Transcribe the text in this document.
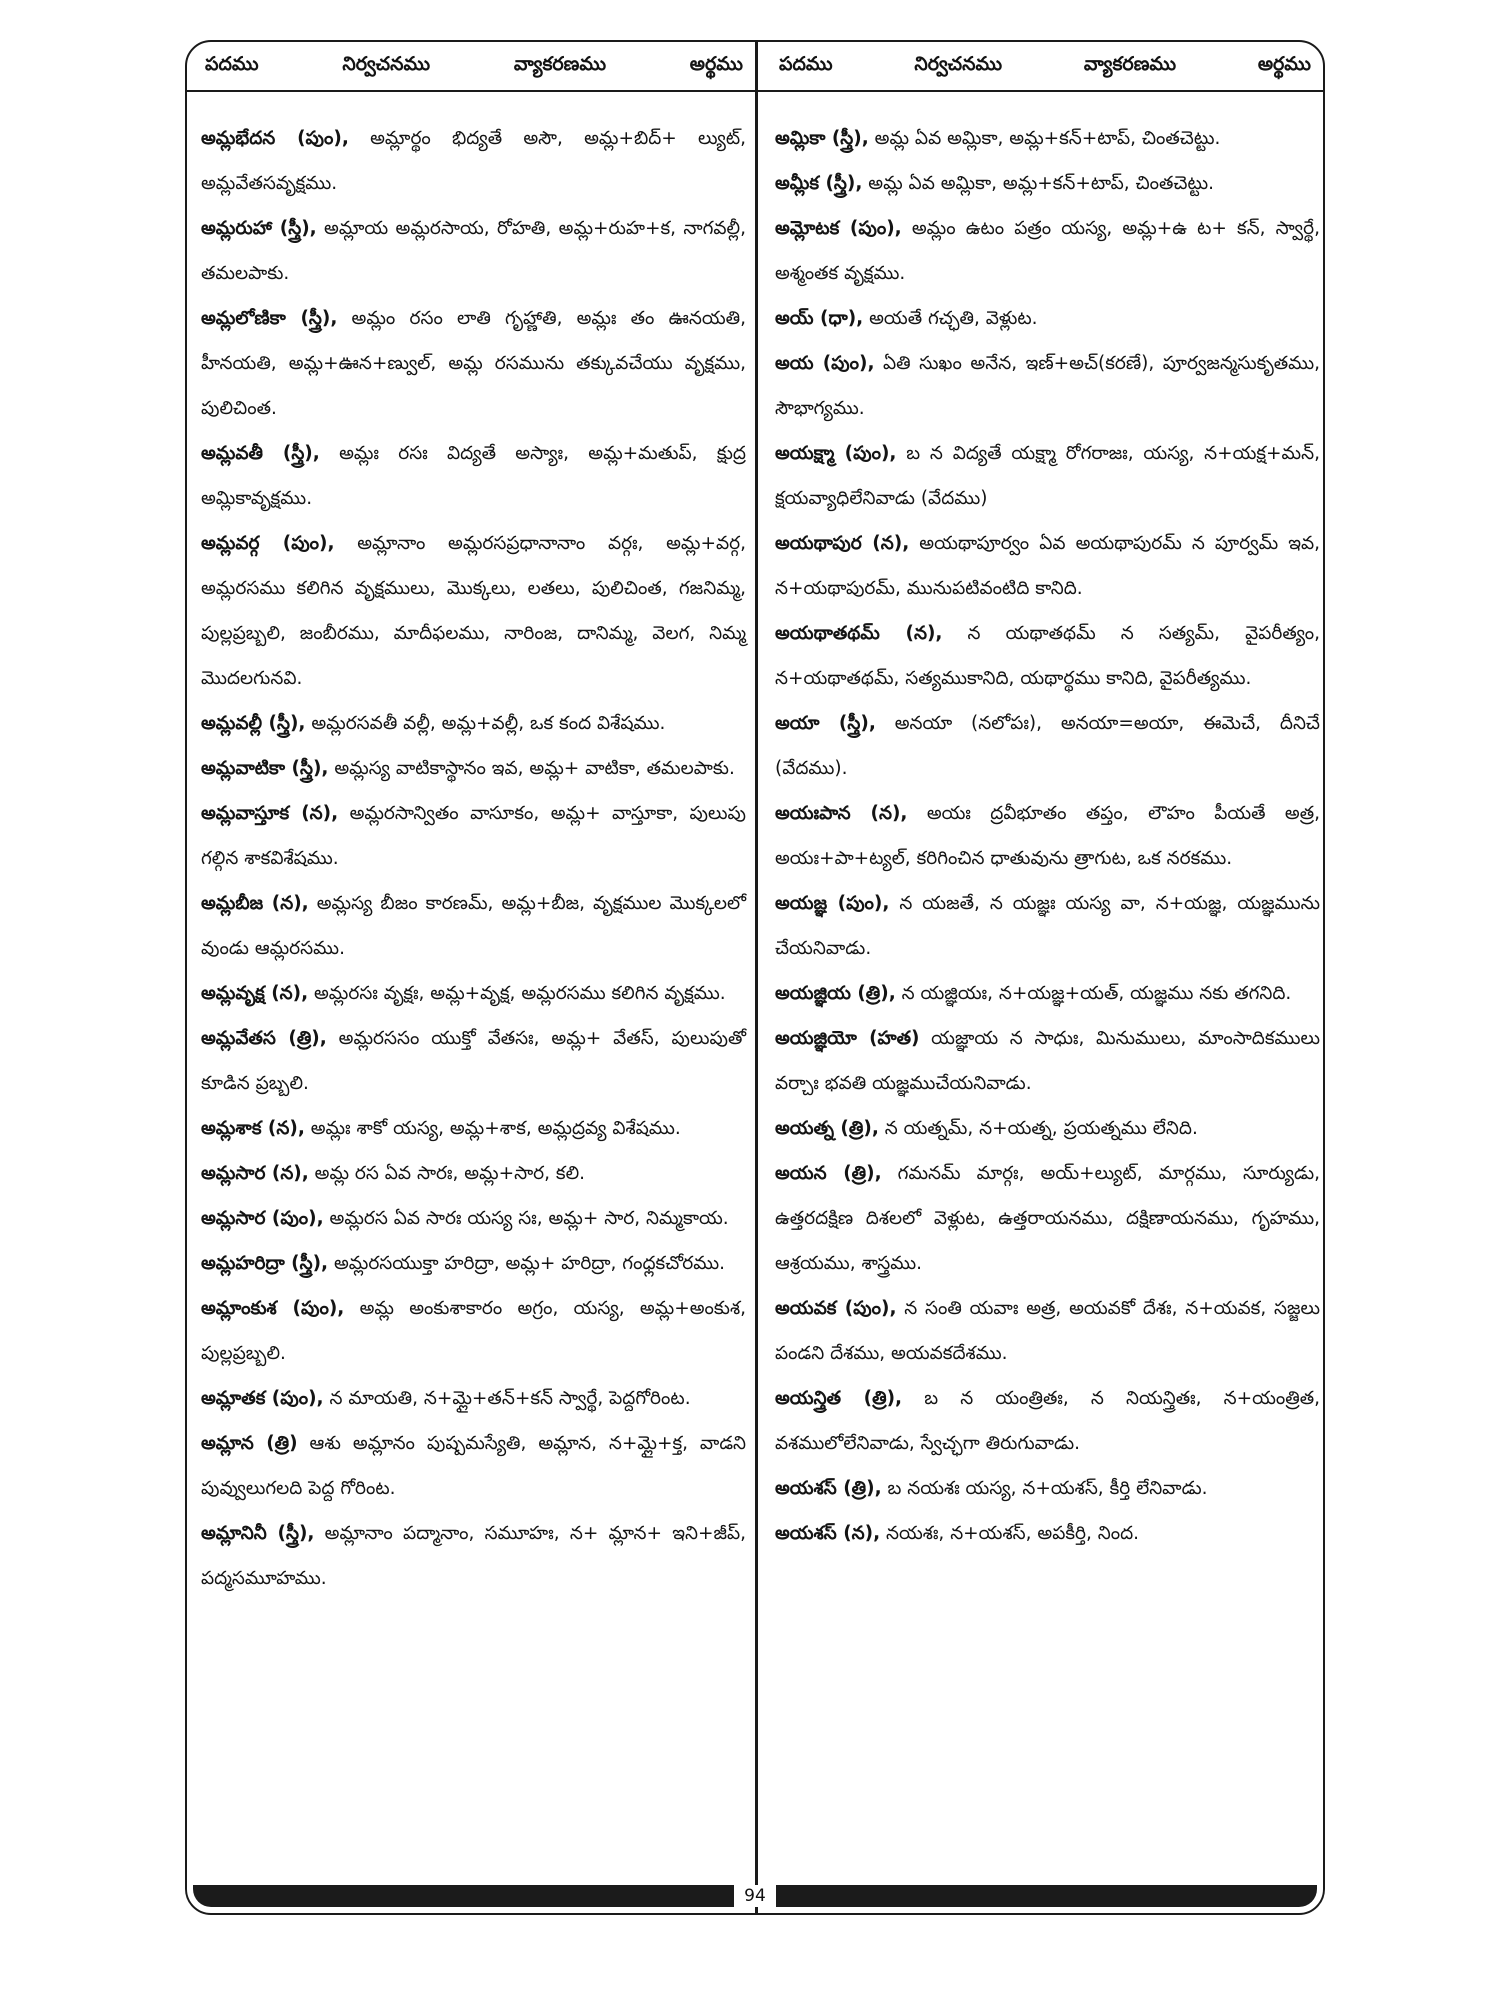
పదము	నిర్వచనము	వ్యాకరణము	అర్థము పదము	నిర్వచనము	వ్యాకరణము	అర్థము

అమ్లభేదన (పుం), అమ్లార్థం భిద్యతే అసౌ, అమ్ల+బిద్+ ల్యుట్, అమ్లవేతసవృక్షము.

అమ్లరుహా (స్త్రీ), అమ్లాయ అమ్లరసాయ, రోహతి, అమ్ల+రుహ+క, నాగవల్లీ, తమలపాకు.

అమ్లలోణికా (స్త్రీ), అమ్లం రసం లాతి గృహ్ణాతి, అమ్లః తం ఊనయతి, హీనయతి, అమ్ల+ఊన+ణ్వుల్, అమ్ల రసమును తక్కువచేయు వృక్షము, పులిచింత.

అమ్లవతీ (స్త్రీ), అమ్లః రసః విద్యతే అస్యాః, అమ్ల+మతుప్, క్షుద్ర అమ్లికావృక్షము.

అమ్లవర్గ (పుం), అమ్లానాం అమ్లరసప్రధానానాం వర్గః, అమ్ల+వర్గ, అమ్లరసము కలిగిన వృక్షములు, మొక్కలు, లతలు, పులిచింత, గజనిమ్మ, పుల్లప్రబ్బలి, జంబీరము, మాదీఫలము, నారింజ, దానిమ్మ, వెలగ, నిమ్మ మొదలగునవి.

అమ్లవల్లీ (స్త్రీ), అమ్లరసవతీ వల్లీ, అమ్ల+వల్లీ, ఒక కంద విశేషము.

అమ్లవాటికా (స్త్రీ), అమ్లస్య వాటికాస్థానం ఇవ, అమ్ల+ వాటికా, తమలపాకు.

అమ్లవాస్తూక (న), అమ్లరసాన్వితం వాసూకం, అమ్ల+ వాస్తూకా, పులుపు గల్గిన శాకవిశేషము.

అమ్లబీజ (న), అమ్లస్య బీజం కారణమ్, అమ్ల+బీజ, వృక్షముల మొక్కలలో వుండు ఆమ్లరసము.

అమ్లవృక్ష (న), అమ్లరసః వృక్షః, అమ్ల+వృక్ష, అమ్లరసము కలిగిన వృక్షము.

అమ్లవేతస (త్రి), అమ్లరససం యుక్తో వేతసః, అమ్ల+ వేతస్, పులుపుతో కూడిన ప్రబ్బలి.

అమ్లశాక (న), అమ్లః శాకో యస్య, అమ్ల+శాక, అమ్లద్రవ్య విశేషము.

అమ్లసార (న), అమ్ల రస ఏవ సారః, అమ్ల+సార, కలి.

అమ్లసార (పుం), అమ్లరస ఏవ సారః యస్య సః, అమ్ల+ సార, నిమ్మకాయ.

అమ్లహరిద్రా (స్త్రీ), అమ్లరసయుక్తా హరిద్రా, అమ్ల+ హరిద్రా, గంధ్లకచోరము.

అమ్లాంకుశ (పుం), అమ్ల అంకుశాకారం అగ్రం, యస్య, అమ్ల+అంకుశ, పుల్లప్రబ్బలి.

అమ్లాతక (పుం), న మాయతి, న+మ్లై+తన్+కన్ స్వార్థే, పెద్దగోరింట.

అమ్లాన (త్రి) ఆశు అమ్లానం పుష్పమస్యేతి, అమ్లాన, న+మ్లై+క్త, వాడని పువ్వులుగలది పెద్ద గోరింట.

అమ్లానినీ (స్త్రీ), అమ్లానాం పద్మానాం, సమూహః, న+ మ్లాన+ ఇని+జీప్, పద్మసమూహము.

అమ్లికా (స్త్రీ), అమ్ల ఏవ అమ్లికా, అమ్ల+కన్+టాప్, చింతచెట్టు.

అమ్లీక (స్త్రీ), అమ్ల ఏవ అమ్లికా, అమ్ల+కన్+టాప్, చింతచెట్టు.

అమ్లోటక (పుం), అమ్లం ఉటం పత్రం యస్య, అమ్ల+ఉ ట+ కన్, స్వార్థే, అశ్మంతక వృక్షము.

అయ్ (ధా), అయతే గచ్ఛతి, వెళ్లుట.

అయ (పుం), ఏతి సుఖం అనేన, ఇణ్+అచ్(కరణే), పూర్వజన్మసుకృతము, సౌభాగ్యము.

అయక్ష్మా (పుం), బ న విద్యతే యక్ష్మా రోగరాజః, యస్య, న+యక్ష+మన్, క్షయవ్యాధిలేనివాడు (వేదము)

అయథాపుర (న), అయథాపూర్వం ఏవ అయథాపురమ్ న పూర్వమ్ ఇవ, న+యథాపురమ్, మునుపటివంటిది కానిది.

అయథాతథమ్ (న), న యథాతథమ్ న సత్యమ్, వైపరీత్యం, న+యథాతథమ్, సత్యముకానిది, యథార్థము కానిది, వైపరీత్యము.

అయా (స్త్రీ), అనయా (నలోపః), అనయా=అయా, ఈమెచే, దీనిచే (వేదము).

అయఃపాన (న), అయః ద్రవీభూతం తప్తం, లౌహం పీయతే అత్ర, అయః+పా+ట్యల్, కరిగించిన ధాతువును త్రాగుట, ఒక నరకము.

అయజ్ఞ (పుం), న యజతే, న యజ్ఞః యస్య వా, న+యజ్ఞ, యజ్ఞమును చేయనివాడు.

అయజ్ఞియ (త్రి), న యజ్ఞియః, న+యజ్ఞ+యత్, యజ్ఞము నకు తగనిది.

అయజ్ఞియో (హత) యజ్ఞాయ న సాధుః, మినుములు, మాంసాదికములు వర్చాః భవతి యజ్ఞముచేయనివాడు.

అయత్న (త్రి), న యత్నమ్, న+యత్న, ప్రయత్నము లేనిది.

అయన (త్రి), గమనమ్ మార్గః, అయ్+ల్యుట్, మార్గము, సూర్యుడు, ఉత్తరదక్షిణ దిశలలో వెళ్లుట, ఉత్తరాయనము, దక్షిణాయనము, గృహము, ఆశ్రయము, శాస్త్రము.

అయవక (పుం), న సంతి యవాః అత్ర, అయవకో దేశః, న+యవక, సజ్జలు పండని దేశము, అయవకదేశము.

అయన్త్రిత (త్రి), బ న యంత్రితః, న నియన్త్రితః, న+యంత్రిత, వశములోలేనివాడు, స్వేచ్ఛగా తిరుగువాడు.

అయశస్ (త్రి), బ నయశః యస్య, న+యశస్, కీర్తి లేనివాడు.

అయశస్ (న), నయశః, న+యశస్, అపకీర్తి, నింద.

94
